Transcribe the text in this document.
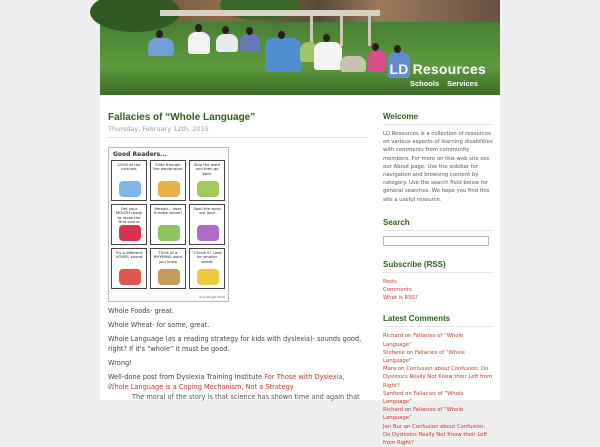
LD Resources
Schools Services
Fallacies of “Whole Language”
Thursday, February 12th, 2015
Good Readers...
LOOK at the pictures
Slide through the whole word
Skip the word and then go back
Get your MOUTH ready to make the first sound
Reread... does it make sense?
Spell the word out loud
Try a different VOWEL sound
Think of a RHYMING word you know
"Chunk it" Look for smaller words
Gina Baugh 2015

Whole Foods- great.

Whole Wheat- for some, great.

Whole Language (as a reading strategy for kids with dyslexia)- sounds good, right? If it's “whole” it must be good.

Wrong!

Well-done post from Dyslexia Training Institute For Those with Dyslexia, Whole Language is a Coping Mechanism, Not a Strategy

“ The moral of the story is that science has shown time and again that
Welcome
LD Resources is a collection of resources on various aspects of learning disabilities with comments from community members. For more on this web site see our About page. Use the sidebar for navigation and browsing content by category. Use the search field below for general searches. We hope you find this site a useful resource.
Search
Subscribe (RSS)
Posts
Comments
What is RSS?
Latest Comments
Richard on Fallacies of “Whole Language”
Stefanie on Fallacies of “Whole Language”
Mara on Confusion about Confusion: Do Dyslexics Really Not Know their Left from Right?
Sanford on Fallacies of “Whole Language”
Richard on Fallacies of “Whole Language”
Jan Bur on Confusion about Confusion: Do Dyslexics Really Not Know their Left from Right?
